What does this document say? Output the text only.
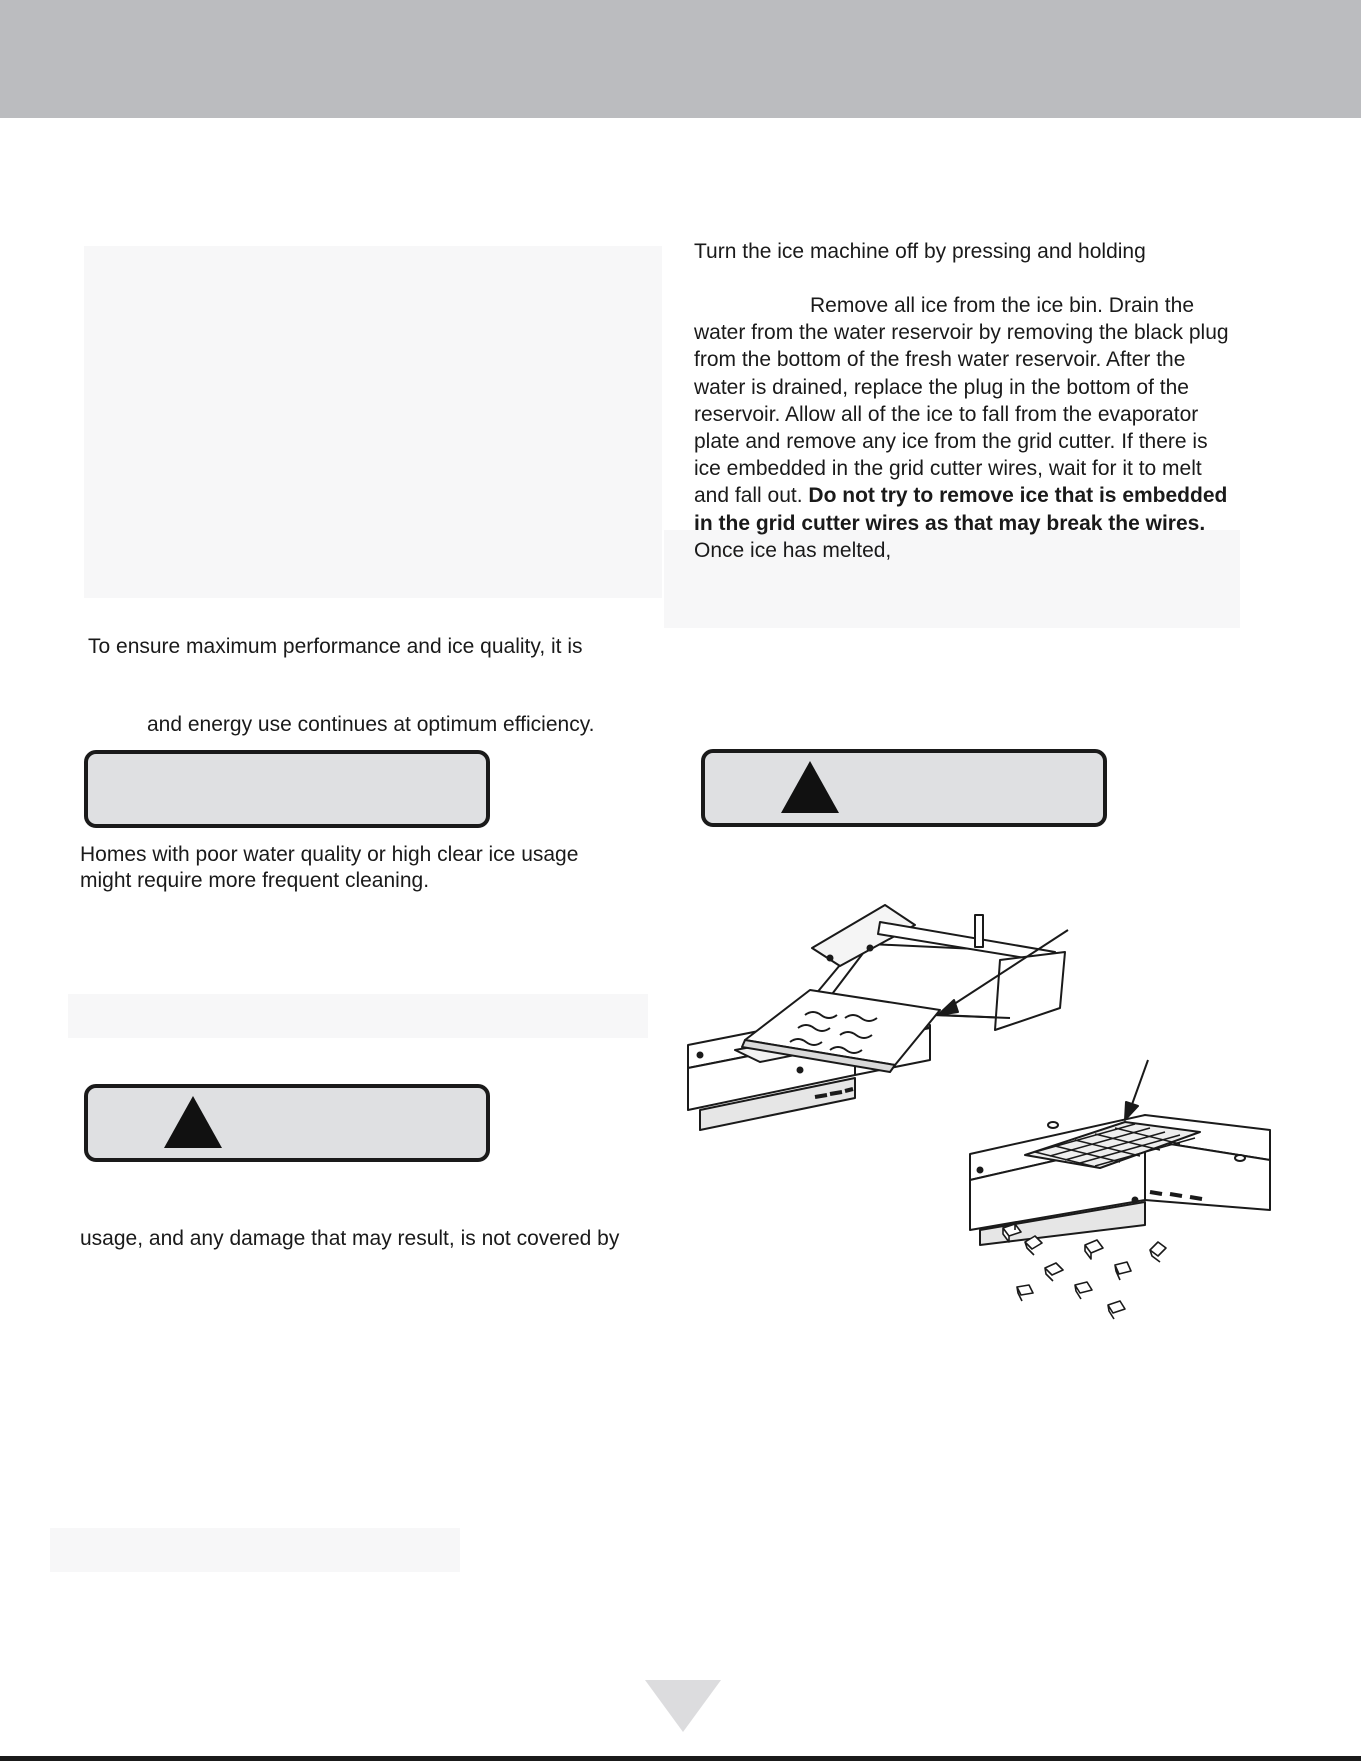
Turn the ice machine off by pressing and holding

Remove all ice from the ice bin. Drain the

water from the water reservoir by removing the black plug

from the bottom of the fresh water reservoir. After the

water is drained, replace the plug in the bottom of the

reservoir. Allow all of the ice to fall from the evaporator

plate and remove any ice from the grid cutter. If there is

ice embedded in the grid cutter wires, wait for it to melt

and fall out. Do not try to remove ice that is embedded

in the grid cutter wires as that may break the wires.

Once ice has melted,

To ensure maximum performance and ice quality, it is
and energy use continues at optimum efficiency.
Homes with poor water quality or high clear ice usage
might require more frequent cleaning.
usage, and any damage that may result, is not covered by
